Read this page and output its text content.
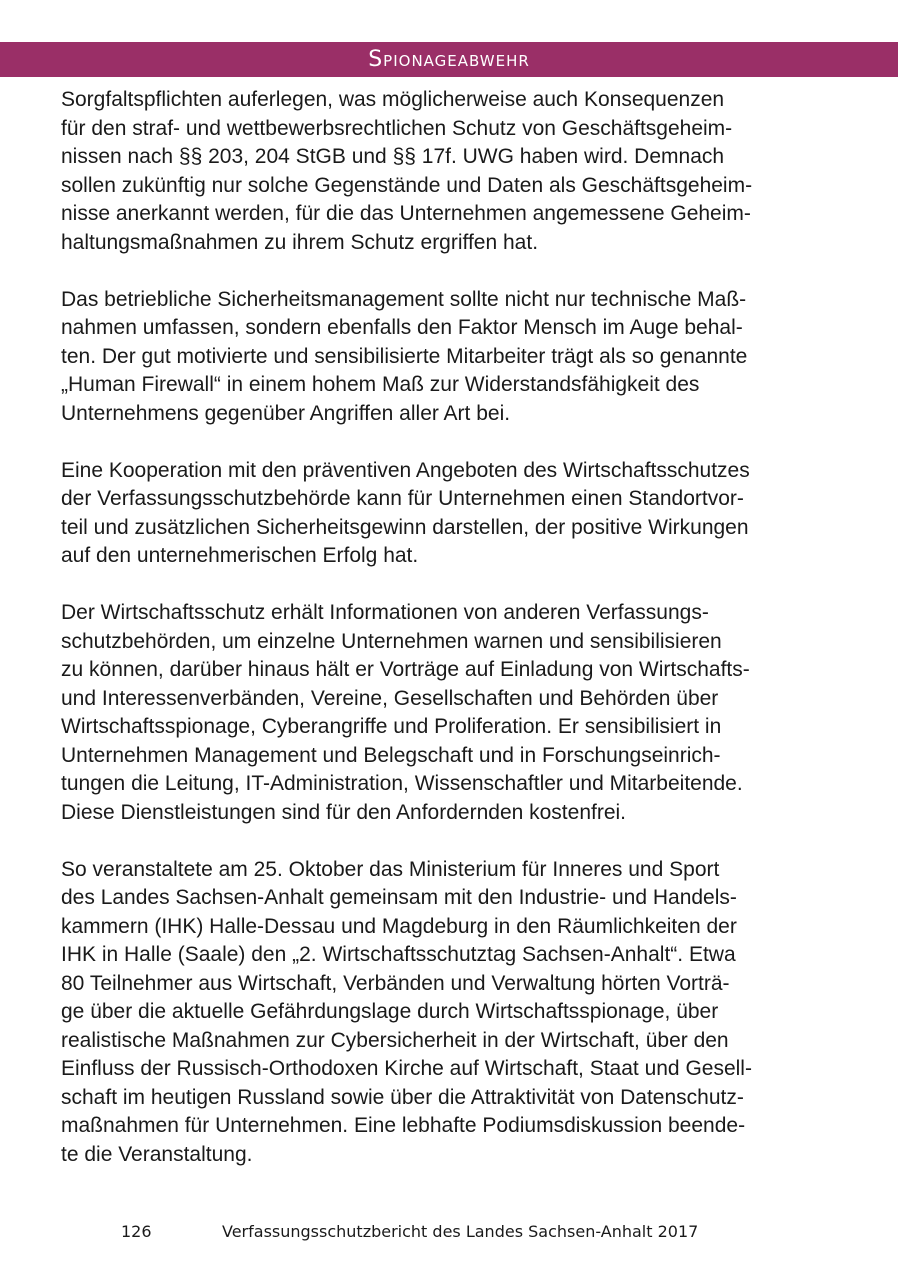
Spionageabwehr

Sorgfaltspflichten auferlegen, was möglicherweise auch Konsequenzen
für den straf- und wettbewerbsrechtlichen Schutz von Geschäftsgeheim-
nissen nach §§ 203, 204 StGB und §§ 17f. UWG haben wird. Demnach
sollen zukünftig nur solche Gegenstände und Daten als Geschäftsgeheim-
nisse anerkannt werden, für die das Unternehmen angemessene Geheim-
haltungsmaßnahmen zu ihrem Schutz ergriffen hat.

Das betriebliche Sicherheitsmanagement sollte nicht nur technische Maß-
nahmen umfassen, sondern ebenfalls den Faktor Mensch im Auge behal-
ten. Der gut motivierte und sensibilisierte Mitarbeiter trägt als so genannte
„Human Firewall“ in einem hohem Maß zur Widerstandsfähigkeit des
Unternehmens gegenüber Angriffen aller Art bei.

Eine Kooperation mit den präventiven Angeboten des Wirtschaftsschutzes
der Verfassungsschutzbehörde kann für Unternehmen einen Standortvor-
teil und zusätzlichen Sicherheitsgewinn darstellen, der positive Wirkungen
auf den unternehmerischen Erfolg hat.

Der Wirtschaftsschutz erhält Informationen von anderen Verfassungs-
schutzbehörden, um einzelne Unternehmen warnen und sensibilisieren
zu können, darüber hinaus hält er Vorträge auf Einladung von Wirtschafts-
und Interessenverbänden, Vereine, Gesellschaften und Behörden über
Wirtschaftsspionage, Cyberangriffe und Proliferation. Er sensibilisiert in
Unternehmen Management und Belegschaft und in Forschungseinrich-
tungen die Leitung, IT-Administration, Wissenschaftler und Mitarbeitende.
Diese Dienstleistungen sind für den Anfordernden kostenfrei.

So veranstaltete am 25. Oktober das Ministerium für Inneres und Sport
des Landes Sachsen-Anhalt gemeinsam mit den Industrie- und Handels-
kammern (IHK) Halle-Dessau und Magdeburg in den Räumlichkeiten der
IHK in Halle (Saale) den „2. Wirtschaftsschutztag Sachsen-Anhalt“. Etwa
80 Teilnehmer aus Wirtschaft, Verbänden und Verwaltung hörten Vorträ-
ge über die aktuelle Gefährdungslage durch Wirtschaftsspionage, über
realistische Maßnahmen zur Cybersicherheit in der Wirtschaft, über den
Einfluss der Russisch-Orthodoxen Kirche auf Wirtschaft, Staat und Gesell-
schaft im heutigen Russland sowie über die Attraktivität von Datenschutz-
maßnahmen für Unternehmen. Eine lebhafte Podiumsdiskussion beende-
te die Veranstaltung.

126	Verfassungsschutzbericht des Landes Sachsen-Anhalt 2017
